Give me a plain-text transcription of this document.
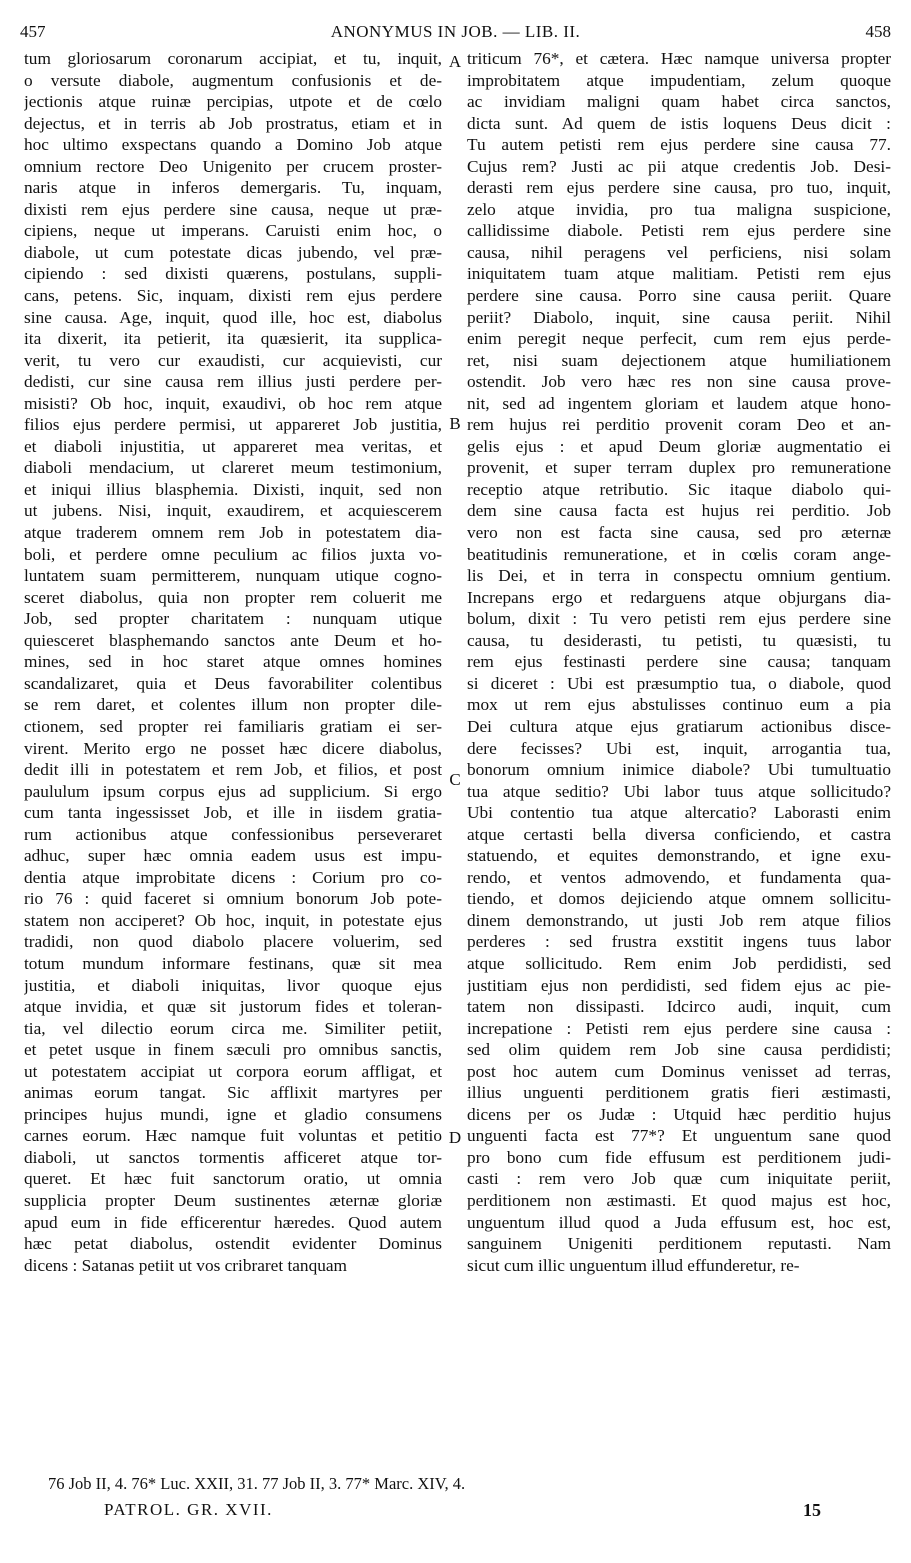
457	ANONYMUS IN JOB. — LIB. II.	458
tum gloriosarum coronarum accipiat, et tu, inquit,
o versute diabole, augmentum confusionis et de-
jectionis atque ruinæ percipias, utpote et de cœlo
dejectus, et in terris ab Job prostratus, etiam et in
hoc ultimo exspectans quando a Domino Job atque
omnium rectore Deo Unigenito per crucem proster-
naris atque in inferos demergaris. Tu, inquam,
dixisti rem ejus perdere sine causa, neque ut præ-
cipiens, neque ut imperans. Caruisti enim hoc, o
diabole, ut cum potestate dicas jubendo, vel præ-
cipiendo : sed dixisti quærens, postulans, suppli-
cans, petens. Sic, inquam, dixisti rem ejus perdere
sine causa. Age, inquit, quod ille, hoc est, diabolus
ita dixerit, ita petierit, ita quæsierit, ita supplica-
verit, tu vero cur exaudisti, cur acquievisti, cur
dedisti, cur sine causa rem illius justi perdere per-
misisti? Ob hoc, inquit, exaudivi, ob hoc rem atque
filios ejus perdere permisi, ut appareret Job justitia,
et diaboli injustitia, ut appareret mea veritas, et
diaboli mendacium, ut clareret meum testimonium,
et iniqui illius blasphemia. Dixisti, inquit, sed non
ut jubens. Nisi, inquit, exaudirem, et acquiescerem
atque traderem omnem rem Job in potestatem dia-
boli, et perdere omne peculium ac filios juxta vo-
luntatem suam permitterem, nunquam utique cogno-
sceret diabolus, quia non propter rem coluerit me
Job, sed propter charitatem : nunquam utique
quiesceret blasphemando sanctos ante Deum et ho-
mines, sed in hoc staret atque omnes homines
scandalizaret, quia et Deus favorabiliter colentibus
se rem daret, et colentes illum non propter dile-
ctionem, sed propter rei familiaris gratiam ei ser-
virent. Merito ergo ne posset hæc dicere diabolus,
dedit illi in potestatem et rem Job, et filios, et post
paululum ipsum corpus ejus ad supplicium. Si ergo
cum tanta ingessisset Job, et ille in iisdem gratia-
rum actionibus atque confessionibus perseveraret
adhuc, super hæc omnia eadem usus est impu-
dentia atque improbitate dicens : Corium pro co-
rio 76 : quid faceret si omnium bonorum Job pote-
statem non acciperet? Ob hoc, inquit, in potestate ejus
tradidi, non quod diabolo placere voluerim, sed
totum mundum informare festinans, quæ sit mea
justitia, et diaboli iniquitas, livor quoque ejus
atque invidia, et quæ sit justorum fides et toleran-
tia, vel dilectio eorum circa me. Similiter petiit,
et petet usque in finem sæculi pro omnibus sanctis,
ut potestatem accipiat ut corpora eorum affligat, et
animas eorum tangat. Sic afflixit martyres per
principes hujus mundi, igne et gladio consumens
carnes eorum. Hæc namque fuit voluntas et petitio
diaboli, ut sanctos tormentis afficeret atque tor-
queret. Et hæc fuit sanctorum oratio, ut omnia
supplicia propter Deum sustinentes æternæ gloriæ
apud eum in fide efficerentur hæredes. Quod autem
hæc petat diabolus, ostendit evidenter Dominus
dicens : Satanas petiit ut vos cribraret tanquam
triticum 76*, et cætera. Hæc namque universa propter
improbitatem atque impudentiam, zelum quoque
ac invidiam maligni quam habet circa sanctos,
dicta sunt. Ad quem de istis loquens Deus dicit :
Tu autem petisti rem ejus perdere sine causa 77.
Cujus rem? Justi ac pii atque credentis Job. Desi-
derasti rem ejus perdere sine causa, pro tuo, inquit,
zelo atque invidia, pro tua maligna suspicione,
callidissime diabole. Petisti rem ejus perdere sine
causa, nihil peragens vel perficiens, nisi solam
iniquitatem tuam atque malitiam. Petisti rem ejus
perdere sine causa. Porro sine causa periit. Quare
periit? Diabolo, inquit, sine causa periit. Nihil
enim peregit neque perfecit, cum rem ejus perde-
ret, nisi suam dejectionem atque humiliationem
ostendit. Job vero hæc res non sine causa prove-
nit, sed ad ingentem gloriam et laudem atque hono-
rem hujus rei perditio provenit coram Deo et an-
gelis ejus : et apud Deum gloriæ augmentatio ei
provenit, et super terram duplex pro remuneratione
receptio atque retributio. Sic itaque diabolo qui-
dem sine causa facta est hujus rei perditio. Job
vero non est facta sine causa, sed pro æternæ
beatitudinis remuneratione, et in cœlis coram ange-
lis Dei, et in terra in conspectu omnium gentium.
Increpans ergo et redarguens atque objurgans dia-
bolum, dixit : Tu vero petisti rem ejus perdere sine
causa, tu desiderasti, tu petisti, tu quæsisti, tu
rem ejus festinasti perdere sine causa; tanquam
si diceret : Ubi est præsumptio tua, o diabole, quod
mox ut rem ejus abstulisses continuo eum a pia
Dei cultura atque ejus gratiarum actionibus disce-
dere fecisses? Ubi est, inquit, arrogantia tua,
bonorum omnium inimice diabole? Ubi tumultuatio
tua atque seditio? Ubi labor tuus atque sollicitudo?
Ubi contentio tua atque altercatio? Laborasti enim
atque certasti bella diversa conficiendo, et castra
statuendo, et equites demonstrando, et igne exu-
rendo, et ventos admovendo, et fundamenta qua-
tiendo, et domos dejiciendo atque omnem sollicitu-
dinem demonstrando, ut justi Job rem atque filios
perderes : sed frustra exstitit ingens tuus labor
atque sollicitudo. Rem enim Job perdidisti, sed
justitiam ejus non perdidisti, sed fidem ejus ac pie-
tatem non dissipasti. Idcirco audi, inquit, cum
increpatione : Petisti rem ejus perdere sine causa :
sed olim quidem rem Job sine causa perdidisti;
post hoc autem cum Dominus venisset ad terras,
illius unguenti perditionem gratis fieri æstimasti,
dicens per os Judæ : Utquid hæc perditio hujus
unguenti facta est 77*? Et unguentum sane quod
pro bono cum fide effusum est perditionem judi-
casti : rem vero Job quæ cum iniquitate periit,
perditionem non æstimasti. Et quod majus est hoc,
unguentum illud quod a Juda effusum est, hoc est,
sanguinem Unigeniti perditionem reputasti. Nam
sicut cum illic unguentum illud effunderetur, re-
A
B
C
D
76 Job II, 4. 76* Luc. XXII, 31. 77 Job II, 3. 77* Marc. XIV, 4.
PATROL. GR. XVII.	15
